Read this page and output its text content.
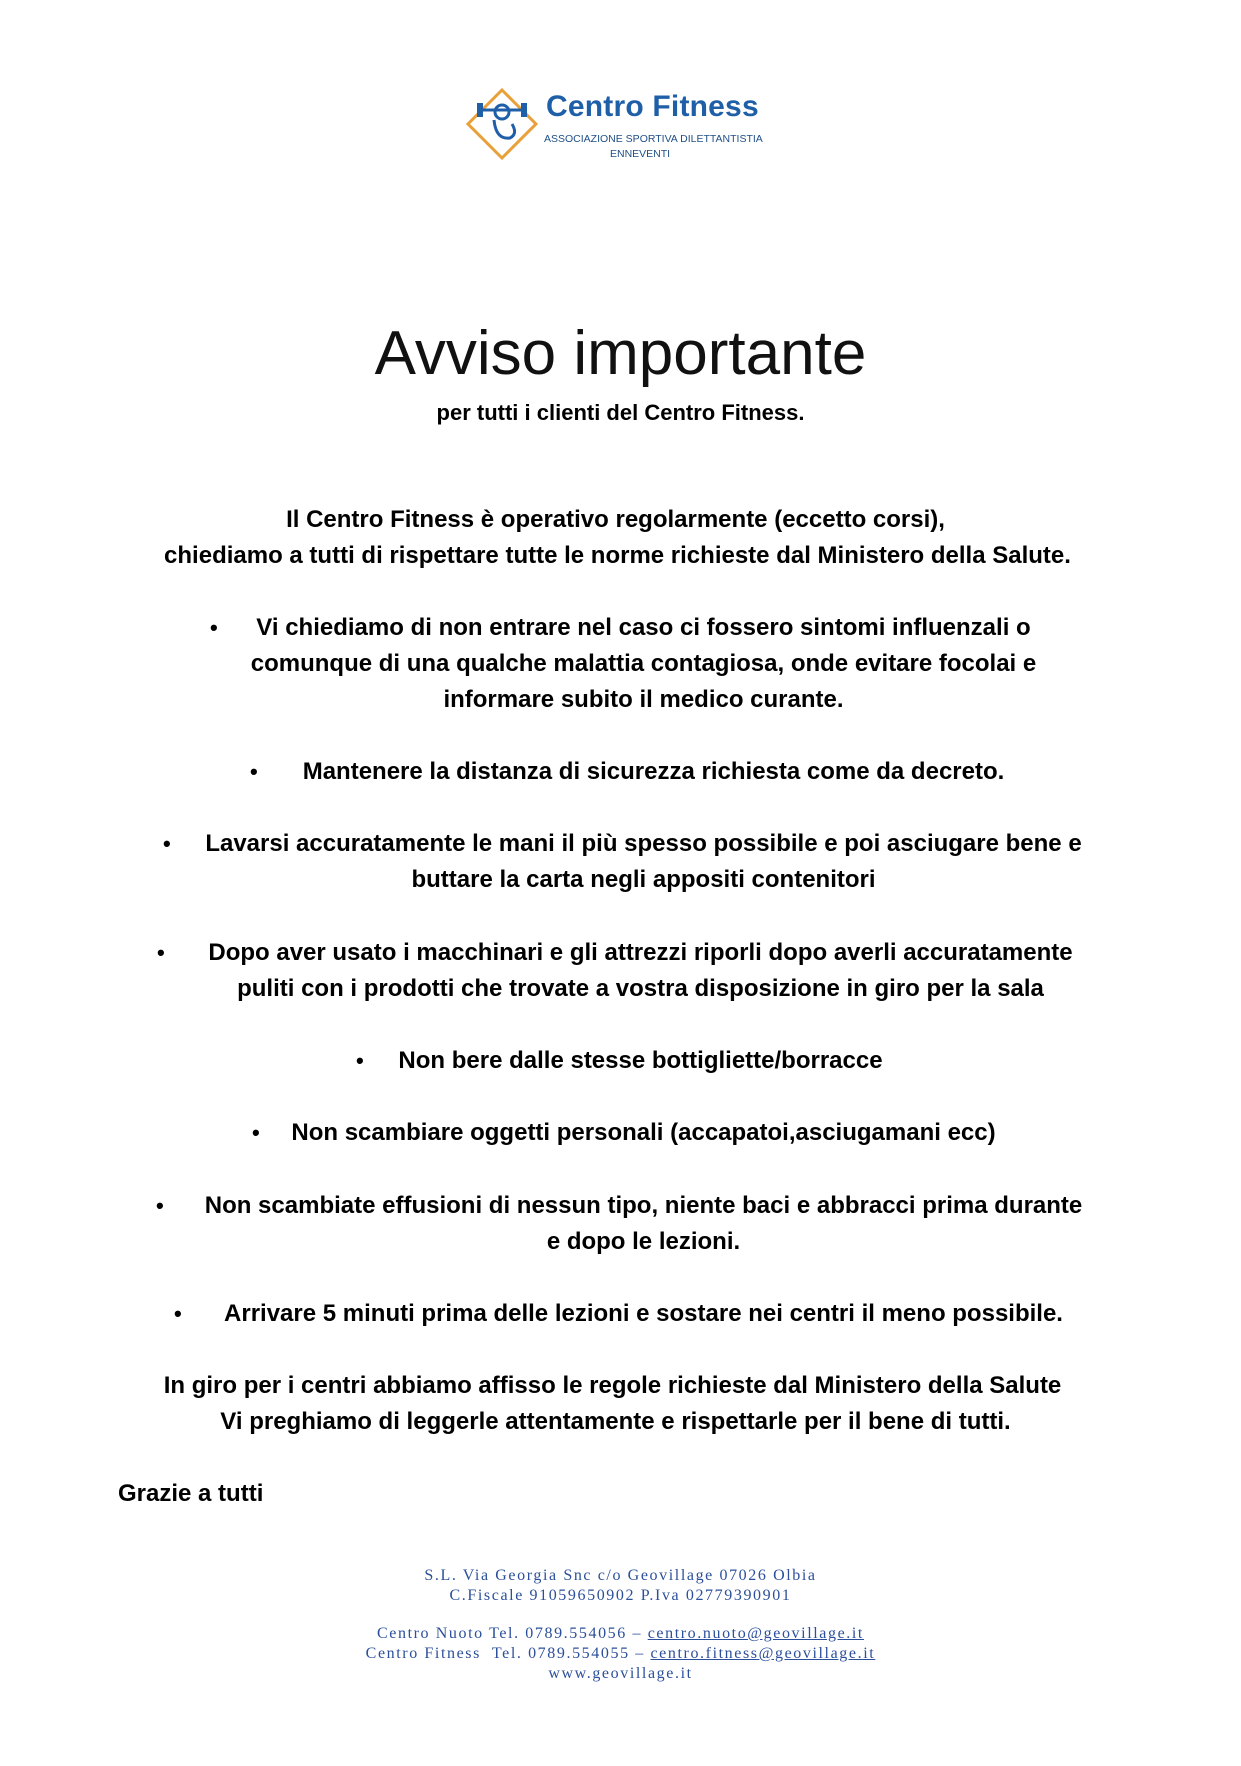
Centro Fitness
ASSOCIAZIONE SPORTIVA DILETTANTISTIA
ENNEVENTI
Avviso importante
per tutti i clienti del Centro Fitness.
Il Centro Fitness è operativo regolarmente (eccetto corsi),
chiediamo a tutti di rispettare tutte le norme richieste dal Ministero della Salute.
•	Vi chiediamo di non entrare nel caso ci fossero sintomi influenzali o
comunque di una qualche malattia contagiosa, onde evitare focolai e
informare subito il medico curante.
•	Mantenere la distanza di sicurezza richiesta come da decreto.
•	Lavarsi accuratamente le mani il più spesso possibile e poi asciugare bene e
buttare la carta negli appositi contenitori
•	Dopo aver usato i macchinari e gli attrezzi riporli dopo averli accuratamente
puliti con i prodotti che trovate a vostra disposizione in giro per la sala
•	Non bere dalle stesse bottigliette/borracce
•	Non scambiare oggetti personali (accapatoi,asciugamani ecc)
•	Non scambiate effusioni di nessun tipo, niente baci e abbracci prima durante
e dopo le lezioni.
•	Arrivare 5 minuti prima delle lezioni e sostare nei centri il meno possibile.
In giro per i centri abbiamo affisso le regole richieste dal Ministero della Salute
Vi preghiamo di leggerle attentamente e rispettarle per il bene di tutti.
Grazie a tutti
S.L. Via Georgia Snc c/o Geovillage 07026 Olbia
C.Fiscale 91059650902 P.Iva 02779390901
Centro Nuoto Tel. 0789.554056 – centro.nuoto@geovillage.it
Centro Fitness  Tel. 0789.554055 – centro.fitness@geovillage.it
www.geovillage.it
